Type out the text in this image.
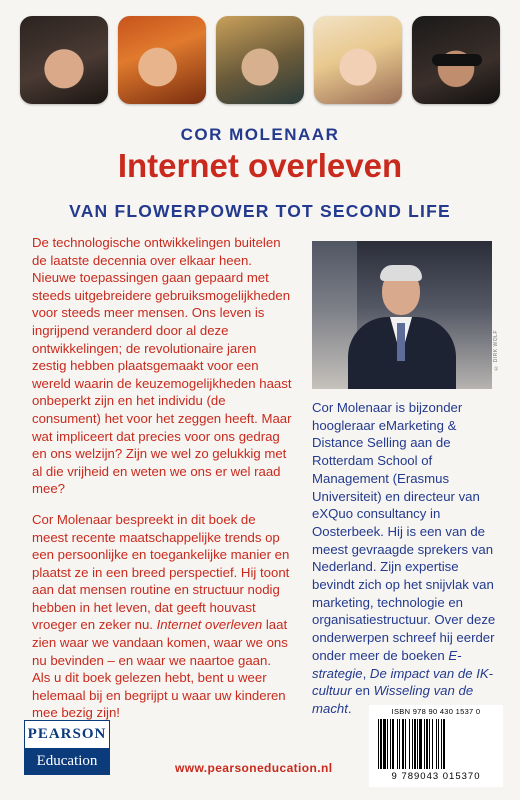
COR MOLENAAR
Internet overleven
VAN FLOWERPOWER TOT SECOND LIFE

De technologische ontwikkelingen buitelen de laatste decennia over elkaar heen. Nieuwe toepassingen gaan gepaard met steeds uitgebreidere gebruiksmogelijkheden voor steeds meer mensen. Ons leven is ingrijpend veranderd door al deze ontwikkelingen; de revolutionaire jaren zestig hebben plaatsgemaakt voor een wereld waarin de keuzemogelijkheden haast onbeperkt zijn en het individu (de consument) het voor het zeggen heeft. Maar wat impliceert dat precies voor ons gedrag en ons welzijn? Zijn we wel zo gelukkig met al die vrijheid en weten we ons er wel raad mee?

Cor Molenaar bespreekt in dit boek de meest recente maatschappelijke trends op een persoonlijke en toegankelijke manier en plaatst ze in een breed perspectief. Hij toont aan dat mensen routine en structuur nodig hebben in het leven, dat geeft houvast vroeger en zeker nu. Internet overleven laat zien waar we vandaan komen, waar we ons nu bevinden – en waar we naartoe gaan. Als u dit boek gelezen hebt, bent u weer helemaal bij en begrijpt u waar uw kinderen mee bezig zijn!

© DIRK WOLF

Cor Molenaar is bijzonder hoogleraar eMarketing & Distance Selling aan de Rotterdam School of Management (Erasmus Universiteit) en directeur van eXQuo consultancy in Oosterbeek. Hij is een van de meest gevraagde sprekers van Nederland. Zijn expertise bevindt zich op het snijvlak van marketing, technologie en organisatiestructuur. Over deze onderwerpen schreef hij eerder onder meer de boeken E-strategie, De impact van de IK-cultuur en Wisseling van de macht.

PEARSON
Education	www.pearsoneducation.nl
ISBN 978 90 430 1537 0
9 789043 015370
